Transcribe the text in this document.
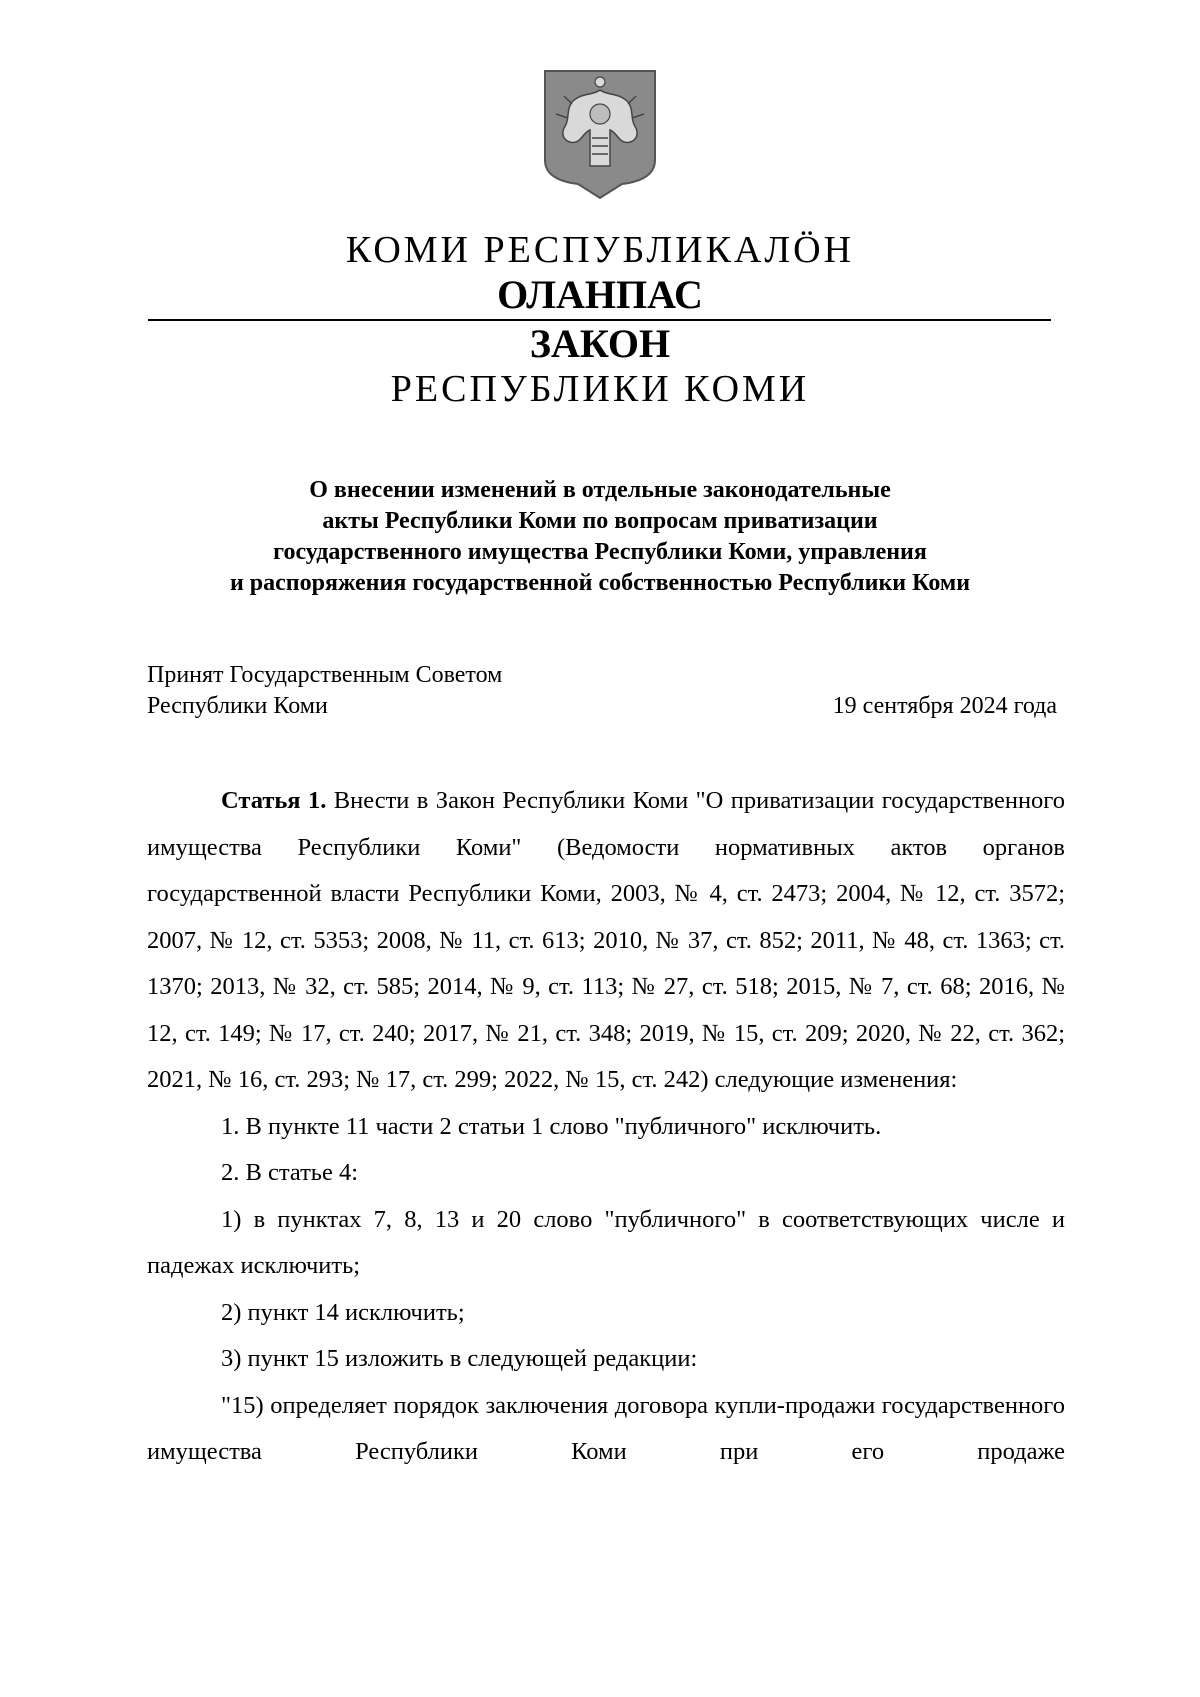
КОМИ РЕСПУБЛИКАЛӦН
ОЛАНПАС
ЗАКОН
РЕСПУБЛИКИ КОМИ
О внесении изменений в отдельные законодательные
акты Республики Коми по вопросам приватизации
государственного имущества Республики Коми, управления
и распоряжения государственной собственностью Республики Коми
Принят Государственным Советом
Республики Коми	19 сентября 2024 года

Статья 1. Внести в Закон Республики Коми "О приватизации государственного имущества Республики Коми" (Ведомости нормативных актов органов государственной власти Республики Коми, 2003, № 4, ст. 2473; 2004, № 12, ст. 3572; 2007, № 12, ст. 5353; 2008, № 11, ст. 613; 2010, № 37, ст. 852; 2011, № 48, ст. 1363; ст. 1370; 2013, № 32, ст. 585; 2014, № 9, ст. 113; № 27, ст. 518; 2015, № 7, ст. 68; 2016, № 12, ст. 149; № 17, ст. 240; 2017, № 21, ст. 348; 2019, № 15, ст. 209; 2020, № 22, ст. 362; 2021, № 16, ст. 293; № 17, ст. 299; 2022, № 15, ст. 242) следующие изменения:

1. В пункте 11 части 2 статьи 1 слово "публичного" исключить.

2. В статье 4:

1) в пунктах 7, 8, 13 и 20 слово "публичного" в соответствующих числе и падежах исключить;

2) пункт 14 исключить;

3) пункт 15 изложить в следующей редакции:

"15) определяет порядок заключения договора купли-продажи государственного имущества Республики Коми при его продаже
